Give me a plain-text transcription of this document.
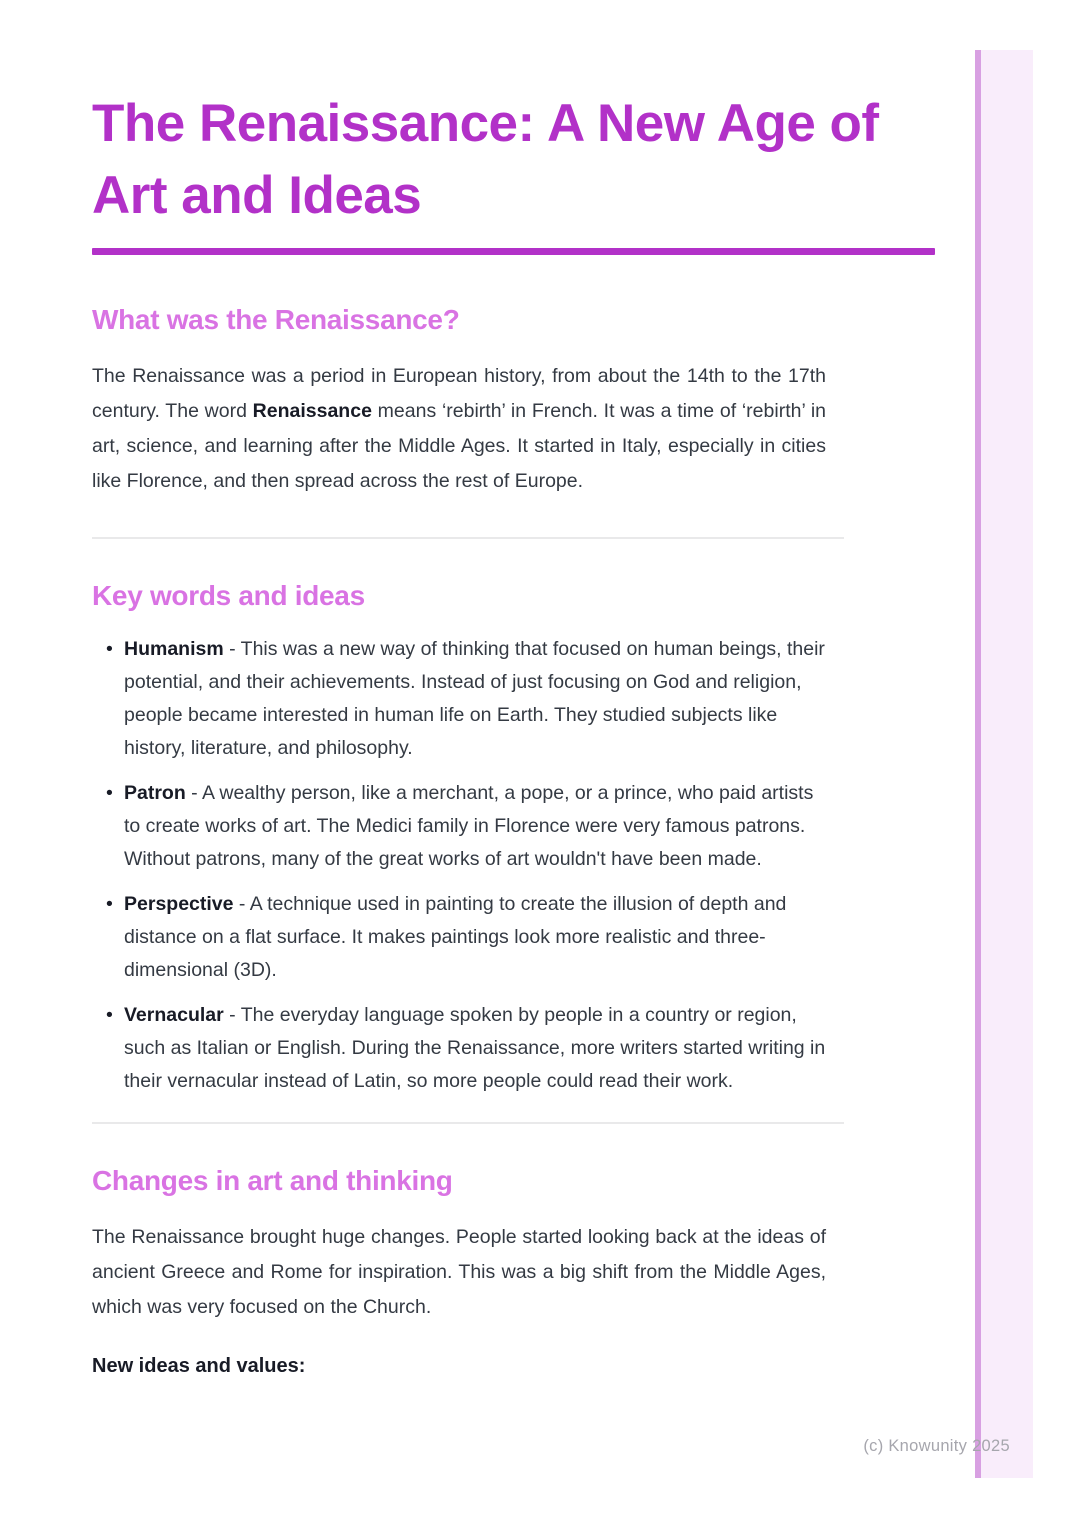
(c) Knowunity 2025
The Renaissance: A New Age of Art and Ideas
What was the Renaissance?

The Renaissance was a period in European history, from about the 14th to the 17th century. The word Renaissance means ‘rebirth’ in French. It was a time of ‘rebirth’ in art, science, and learning after the Middle Ages. It started in Italy, especially in cities like Florence, and then spread across the rest of Europe.

Key words and ideas
• Humanism - This was a new way of thinking that focused on human beings, their potential, and their achievements. Instead of just focusing on God and religion, people became interested in human life on Earth. They studied subjects like history, literature, and philosophy.
• Patron - A wealthy person, like a merchant, a pope, or a prince, who paid artists to create works of art. The Medici family in Florence were very famous patrons. Without patrons, many of the great works of art wouldn't have been made.
• Perspective - A technique used in painting to create the illusion of depth and distance on a flat surface. It makes paintings look more realistic and three-dimensional (3D).
• Vernacular - The everyday language spoken by people in a country or region, such as Italian or English. During the Renaissance, more writers started writing in their vernacular instead of Latin, so more people could read their work.
Changes in art and thinking

The Renaissance brought huge changes. People started looking back at the ideas of ancient Greece and Rome for inspiration. This was a big shift from the Middle Ages, which was very focused on the Church.

New ideas and values:
